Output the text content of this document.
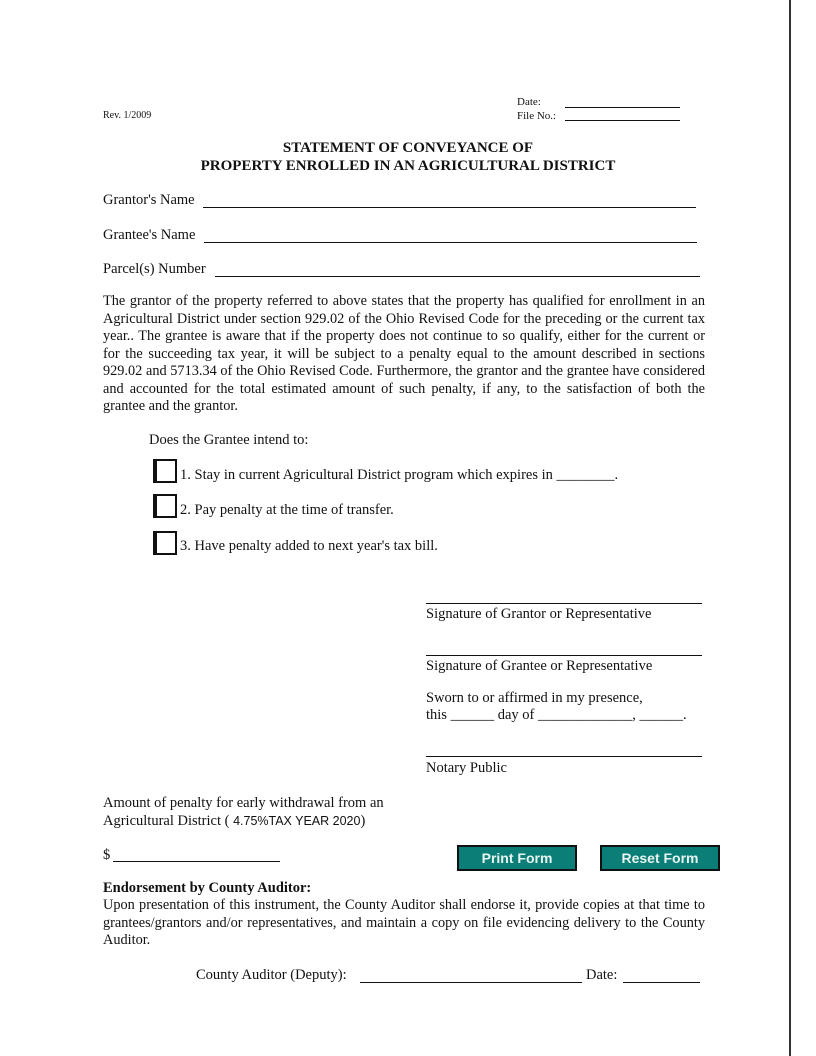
Rev. 1/2009
Date:
File No.:
STATEMENT OF CONVEYANCE OF
PROPERTY ENROLLED IN AN AGRICULTURAL DISTRICT
Grantor's Name
Grantee's Name
Parcel(s) Number
The grantor of the property referred to above states that the property has qualified for enrollment in an Agricultural District under section 929.02 of the Ohio Revised Code for the preceding or the current tax year.. The grantee is aware that if the property does not continue to so qualify, either for the current or for the succeeding tax year, it will be subject to a penalty equal to the amount described in sections 929.02 and 5713.34 of the Ohio Revised Code. Furthermore, the grantor and the grantee have considered and accounted for the total estimated amount of such penalty, if any, to the satisfaction of both the grantee and the grantor.
Does the Grantee intend to:
1. Stay in current Agricultural District program which expires in ________.
2. Pay penalty at the time of transfer.
3. Have penalty added to next year's tax bill.
Signature of Grantor or Representative
Signature of Grantee or Representative
Sworn to or affirmed in my presence,
this ______ day of _____________, ______.
Notary Public
Amount of penalty for early withdrawal from an
Agricultural District ( 4.75%TAX YEAR 2020)
$	Print Form	Reset Form
Endorsement by County Auditor:
Upon presentation of this instrument, the County Auditor shall endorse it, provide copies at that time to grantees/grantors and/or representatives, and maintain a copy on file evidencing delivery to the County Auditor.
County Auditor (Deputy):	Date:
